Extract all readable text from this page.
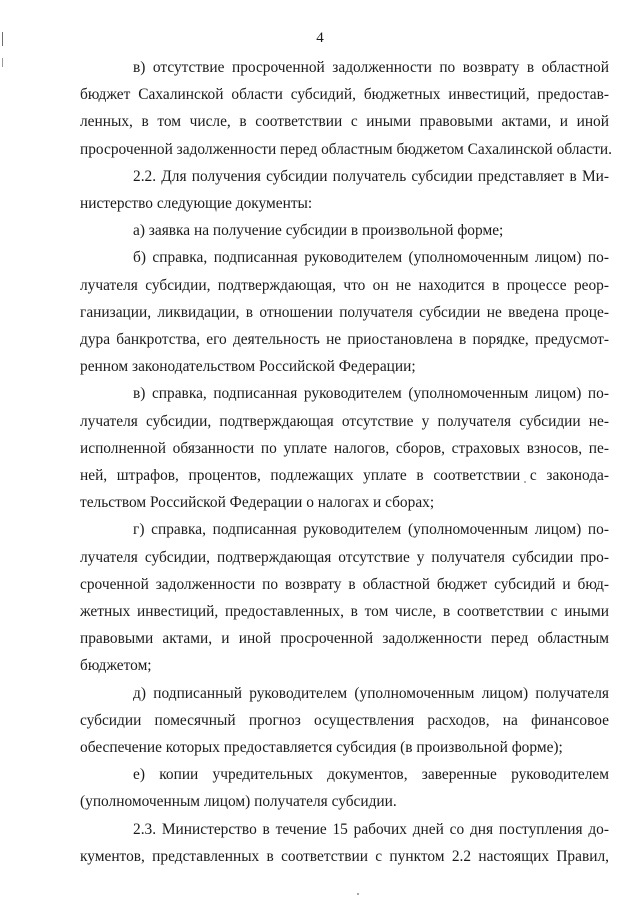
4

в) отсутствие просроченной задолженности по возврату в областной
бюджет Сахалинской области субсидий, бюджетных инвестиций, предостав-
ленных, в том числе, в соответствии с иными правовыми актами, и иной
просроченной задолженности перед областным бюджетом Сахалинской области.

2.2. Для получения субсидии получатель субсидии представляет в Ми-
нистерство следующие документы:

а) заявка на получение субсидии в произвольной форме;

б) справка, подписанная руководителем (уполномоченным лицом) по-
лучателя субсидии, подтверждающая, что он не находится в процессе реор-
ганизации, ликвидации, в отношении получателя субсидии не введена проце-
дура банкротства, его деятельность не приостановлена в порядке, предусмот-
ренном законодательством Российской Федерации;

в) справка, подписанная руководителем (уполномоченным лицом) по-
лучателя субсидии, подтверждающая отсутствие у получателя субсидии не-
исполненной обязанности по уплате налогов, сборов, страховых взносов, пе-
ней, штрафов, процентов, подлежащих уплате в соответствии с законода-
тельством Российской Федерации о налогах и сборах;

г) справка, подписанная руководителем (уполномоченным лицом) по-
лучателя субсидии, подтверждающая отсутствие у получателя субсидии про-
сроченной задолженности по возврату в областной бюджет субсидий и бюд-
жетных инвестиций, предоставленных, в том числе, в соответствии с иными
правовыми актами, и иной просроченной задолженности перед областным
бюджетом;

д) подписанный руководителем (уполномоченным лицом) получателя
субсидии помесячный прогноз осуществления расходов, на финансовое
обеспечение которых предоставляется субсидия (в произвольной форме);

е) копии учредительных документов, заверенные руководителем
(уполномоченным лицом) получателя субсидии.

2.3. Министерство в течение 15 рабочих дней со дня поступления до-
кументов, представленных в соответствии с пунктом 2.2 настоящих Правил,
